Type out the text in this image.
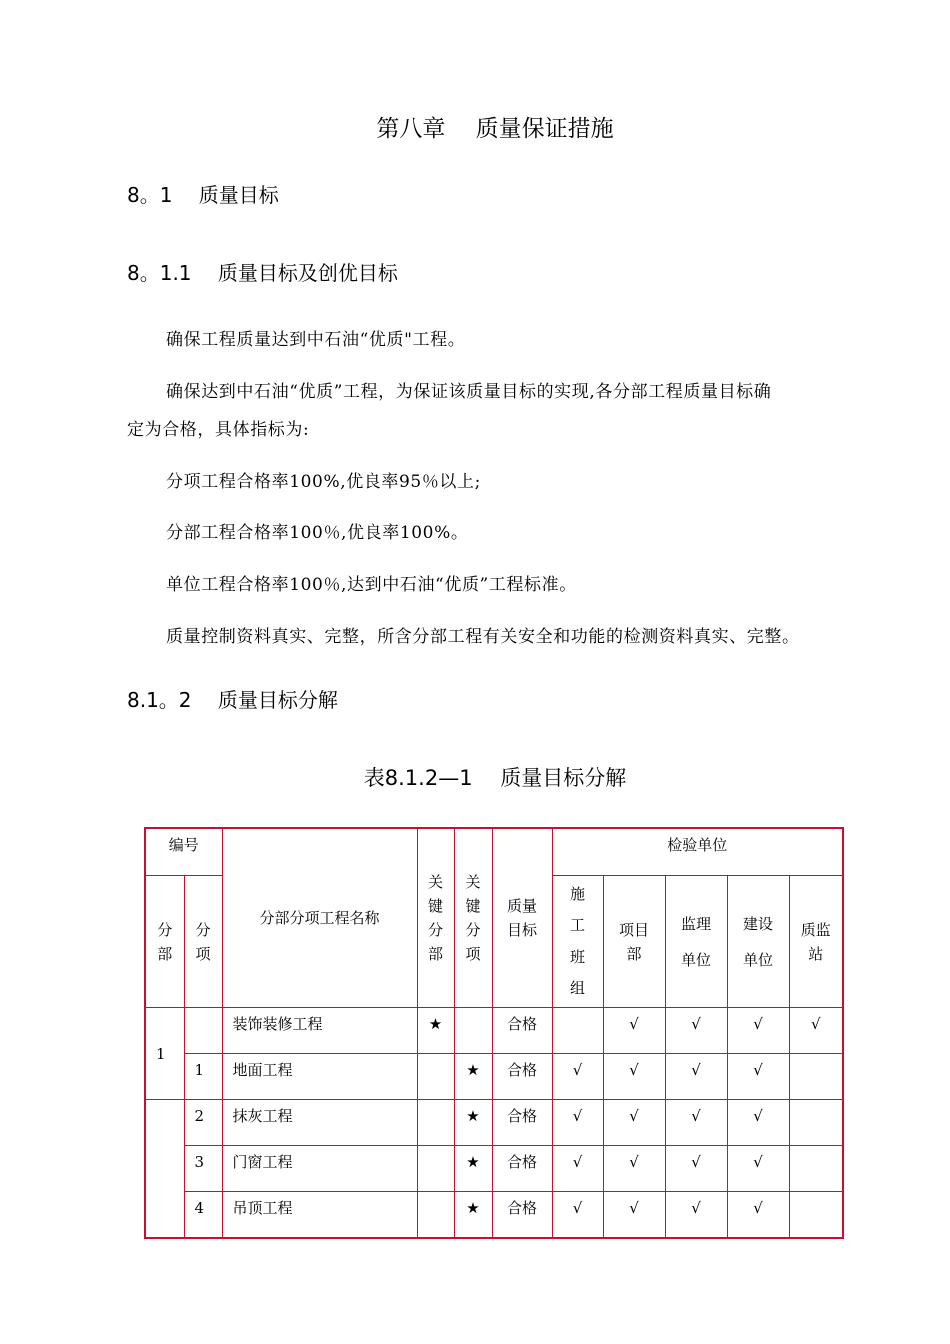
第八章　 质量保证措施
8。1　 质量目标
8。1.1　 质量目标及创优目标
确保工程质量达到中石油“优质"工程。
确保达到中石油“优质”工程，为保证该质量目标的实现,各分部工程质量目标确
定为合格，具体指标为:
分项工程合格率100%,优良率95％以上;
分部工程合格率100％,优良率100%。
单位工程合格率100％,达到中石油“优质”工程标准。
质量控制资料真实、完整，所含分部工程有关安全和功能的检测资料真实、完整。
8.1。2　 质量目标分解
表8.1.2—1　 质量目标分解
编号		分部分项工程名称	关键分部	关键分项	质量目标	检验单位				
分部	分项					施工班组	项目部	监理单位	建设单位	质监站
1		装饰装修工程	★		合格		√	√	√	√
	1	地面工程		★	合格	√	√	√	√	
	2	抹灰工程		★	合格	√	√	√	√	
	3	门窗工程		★	合格	√	√	√	√	
	4	吊顶工程		★	合格	√	√	√	√	
